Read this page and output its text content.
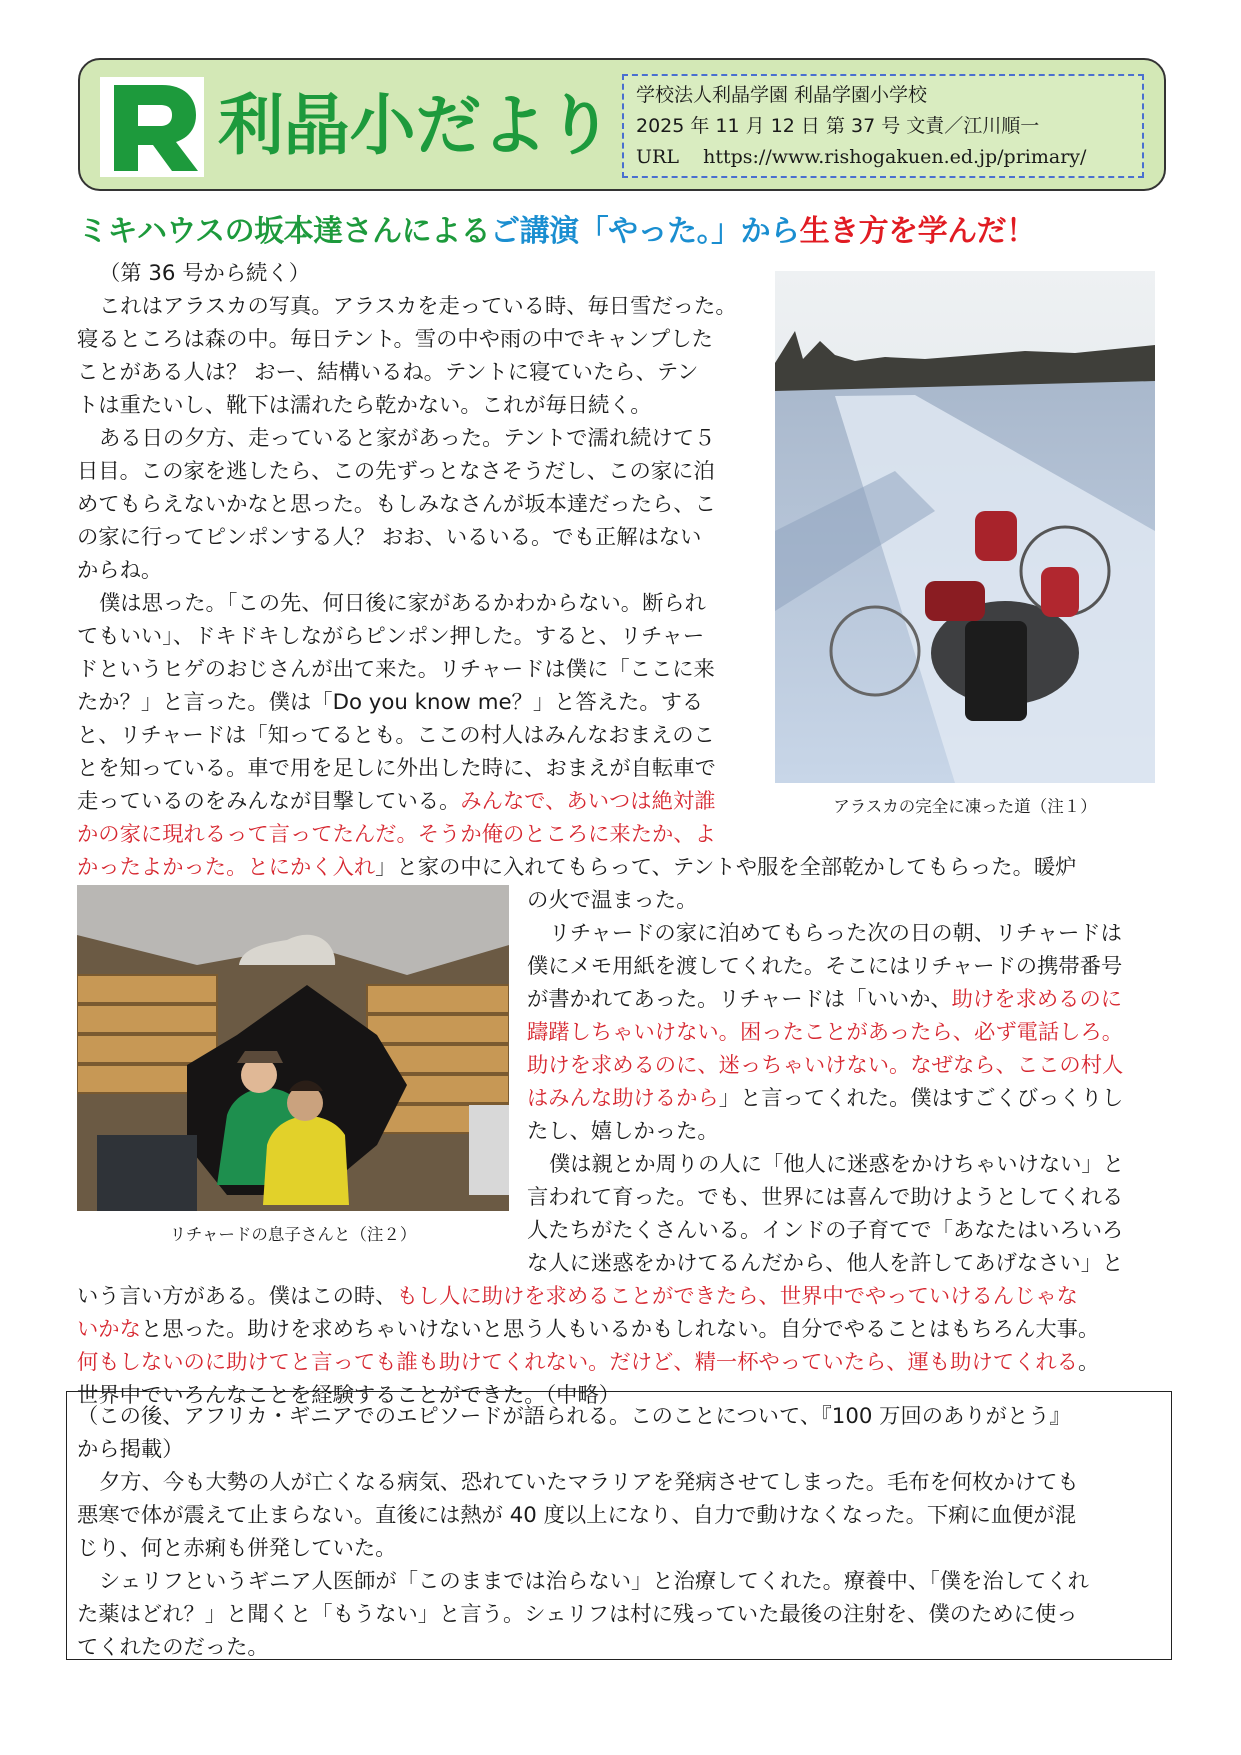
利晶小だより 学校法人利晶学園 利晶学園小学校
2025 年 11 月 12 日 第 37 号 文責／江川順一
URL https://www.rishogakuen.ed.jp/primary/
ミキハウスの坂本達さんによるご講演「やった。」から生き方を学んだ！
アラスカの完全に凍った道（注１）
リチャードの息子さんと（注２）
（第 36 号から続く）
これはアラスカの写真。アラスカを走っている時、毎日雪だった。
寝るところは森の中。毎日テント。雪の中や雨の中でキャンプした
ことがある人は？ おー、結構いるね。テントに寝ていたら、テン
トは重たいし、靴下は濡れたら乾かない。これが毎日続く。
ある日の夕方、走っていると家があった。テントで濡れ続けて５
日目。この家を逃したら、この先ずっとなさそうだし、この家に泊
めてもらえないかなと思った。もしみなさんが坂本達だったら、こ
の家に行ってピンポンする人？ おお、いるいる。でも正解はない
からね。
僕は思った。「この先、何日後に家があるかわからない。断られ
てもいい」、ドキドキしながらピンポン押した。すると、リチャー
ドというヒゲのおじさんが出て来た。リチャードは僕に「ここに来
たか？」と言った。僕は「Do you know me？」と答えた。する
と、リチャードは「知ってるとも。ここの村人はみんなおまえのこ
とを知っている。車で用を足しに外出した時に、おまえが自転車で
走っているのをみんなが目撃している。みんなで、あいつは絶対誰
かの家に現れるって言ってたんだ。そうか俺のところに来たか、よ
かったよかった。とにかく入れ」と家の中に入れてもらって、テントや服を全部乾かしてもらった。暖炉
の火で温まった。
リチャードの家に泊めてもらった次の日の朝、リチャードは
僕にメモ用紙を渡してくれた。そこにはリチャードの携帯番号
が書かれてあった。リチャードは「いいか、助けを求めるのに
躊躇しちゃいけない。困ったことがあったら、必ず電話しろ。
助けを求めるのに、迷っちゃいけない。なぜなら、ここの村人
はみんな助けるから」と言ってくれた。僕はすごくびっくりし
たし、嬉しかった。
僕は親とか周りの人に「他人に迷惑をかけちゃいけない」と
言われて育った。でも、世界には喜んで助けようとしてくれる
人たちがたくさんいる。インドの子育てで「あなたはいろいろ
な人に迷惑をかけてるんだから、他人を許してあげなさい」と
いう言い方がある。僕はこの時、もし人に助けを求めることができたら、世界中でやっていけるんじゃな
いかなと思った。助けを求めちゃいけないと思う人もいるかもしれない。自分でやることはもちろん大事。
何もしないのに助けてと言っても誰も助けてくれない。だけど、精一杯やっていたら、運も助けてくれる。
世界中でいろんなことを経験することができた。（中略）
（この後、アフリカ・ギニアでのエピソードが語られる。このことについて、『100 万回のありがとう』
から掲載）
夕方、今も大勢の人が亡くなる病気、恐れていたマラリアを発病させてしまった。毛布を何枚かけても
悪寒で体が震えて止まらない。直後には熱が 40 度以上になり、自力で動けなくなった。下痢に血便が混
じり、何と赤痢も併発していた。
シェリフというギニア人医師が「このままでは治らない」と治療してくれた。療養中、「僕を治してくれ
た薬はどれ？」と聞くと「もうない」と言う。シェリフは村に残っていた最後の注射を、僕のために使っ
てくれたのだった。
